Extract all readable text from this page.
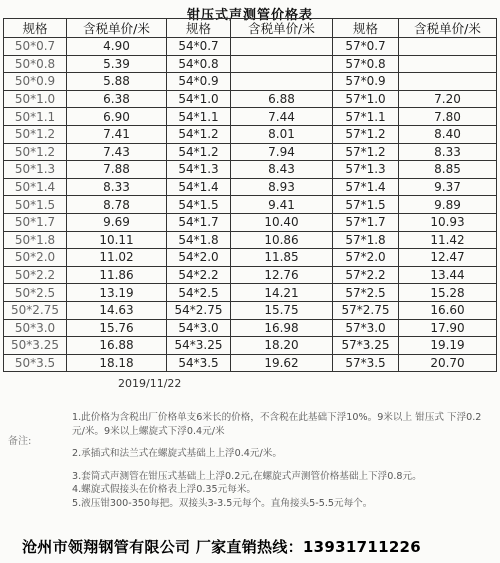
钳压式声测管价格表
规格	含税单价/米	规格	含税单价/米	规格	含税单价/米
50*0.7	4.90	54*0.7		57*0.7	
50*0.8	5.39	54*0.8		57*0.8	
50*0.9	5.88	54*0.9		57*0.9	
50*1.0	6.38	54*1.0	6.88	57*1.0	7.20
50*1.1	6.90	54*1.1	7.44	57*1.1	7.80
50*1.2	7.41	54*1.2	8.01	57*1.2	8.40
50*1.2	7.43	54*1.2	7.94	57*1.2	8.33
50*1.3	7.88	54*1.3	8.43	57*1.3	8.85
50*1.4	8.33	54*1.4	8.93	57*1.4	9.37
50*1.5	8.78	54*1.5	9.41	57*1.5	9.89
50*1.7	9.69	54*1.7	10.40	57*1.7	10.93
50*1.8	10.11	54*1.8	10.86	57*1.8	11.42
50*2.0	11.02	54*2.0	11.85	57*2.0	12.47
50*2.2	11.86	54*2.2	12.76	57*2.2	13.44
50*2.5	13.19	54*2.5	14.21	57*2.5	15.28
50*2.75	14.63	54*2.75	15.75	57*2.75	16.60
50*3.0	15.76	54*3.0	16.98	57*3.0	17.90
50*3.25	16.88	54*3.25	18.20	57*3.25	19.19
50*3.5	18.18	54*3.5	19.62	57*3.5	20.70
2019/11/22
备注:
1.此价格为含税出厂价格单支6米长的价格，不含税在此基础下浮10%。9米以上 钳压式 下浮0.2元/米。9米以上螺旋式下浮0.4元/米
2.承插式和法兰式在螺旋式基础上上浮0.4元/米。
3.套筒式声测管在钳压式基础上上浮0.2元,在螺旋式声测管价格基础上下浮0.8元。
4.螺旋式假接头在价格表上浮0.35元每米。
5.液压钳300-350每把。双接头3-3.5元每个。直角接头5-5.5元每个。
沧州市领翔钢管有限公司 厂家直销热线：13931711226
